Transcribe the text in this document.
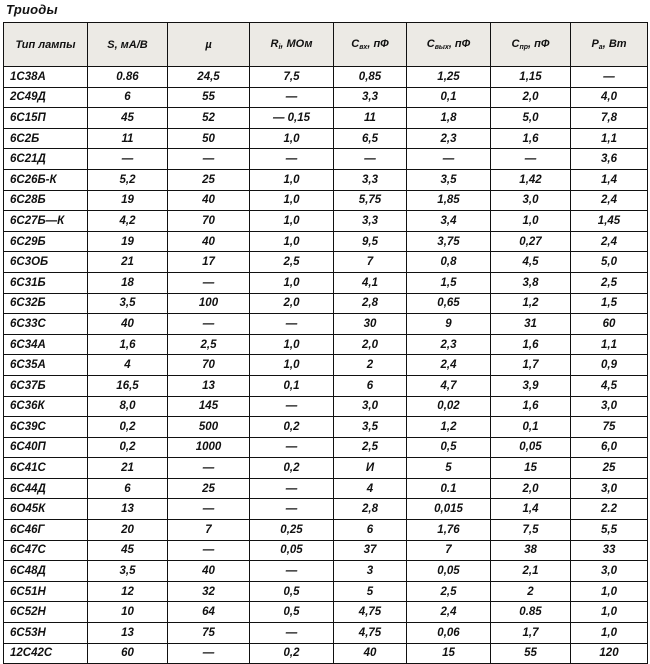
Триоды
Тип лампы	S, мА/В	µ	$R_i$, МОм	$C_{вх}$, пФ	$C_{вых}$, пФ	$C_{пр}$, пФ	$P_a$, Вт
1С38А	0.86	24,5	7,5	0,85	1,25	1,15	—
2С49Д	6	55	—	3,3	0,1	2,0	4,0
6С15П	45	52	— 0,15	11	1,8	5,0	7,8
6С2Б	11	50	1,0	6,5	2,3	1,6	1,1
6С21Д	—	—	—	—	—	—	3,6
6С26Б-К	5,2	25	1,0	3,3	3,5	1,42	1,4
6С28Б	19	40	1,0	5,75	1,85	3,0	2,4
6С27Б—К	4,2	70	1,0	3,3	3,4	1,0	1,45
6С29Б	19	40	1,0	9,5	3,75	0,27	2,4
6С3ОБ	21	17	2,5	7	0,8	4,5	5,0
6С31Б	18	—	1,0	4,1	1,5	3,8	2,5
6С32Б	3,5	100	2,0	2,8	0,65	1,2	1,5
6С33С	40	—	—	30	9	31	60
6С34А	1,6	2,5	1,0	2,0	2,3	1,6	1,1
6С35А	4	70	1,0	2	2,4	1,7	0,9
6С37Б	16,5	13	0,1	6	4,7	3,9	4,5
6С36К	8,0	145	—	3,0	0,02	1,6	3,0
6С39С	0,2	500	0,2	3,5	1,2	0,1	75
6С40П	0,2	1000	—	2,5	0,5	0,05	6,0
6С41С	21	—	0,2	И	5	15	25
6С44Д	6	25	—	4	0.1	2,0	3,0
6О45К	13	—	—	2,8	0,015	1,4	2.2
6С46Г	20	7	0,25	6	1,76	7,5	5,5
6С47С	45	—	0,05	37	7	38	33
6С48Д	3,5	40	—	3	0,05	2,1	3,0
6С51Н	12	32	0,5	5	2,5	2	1,0
6С52Н	10	64	0,5	4,75	2,4	0.85	1,0
6С53Н	13	75	—	4,75	0,06	1,7	1,0
12С42С	60	—	0,2	40	15	55	120
